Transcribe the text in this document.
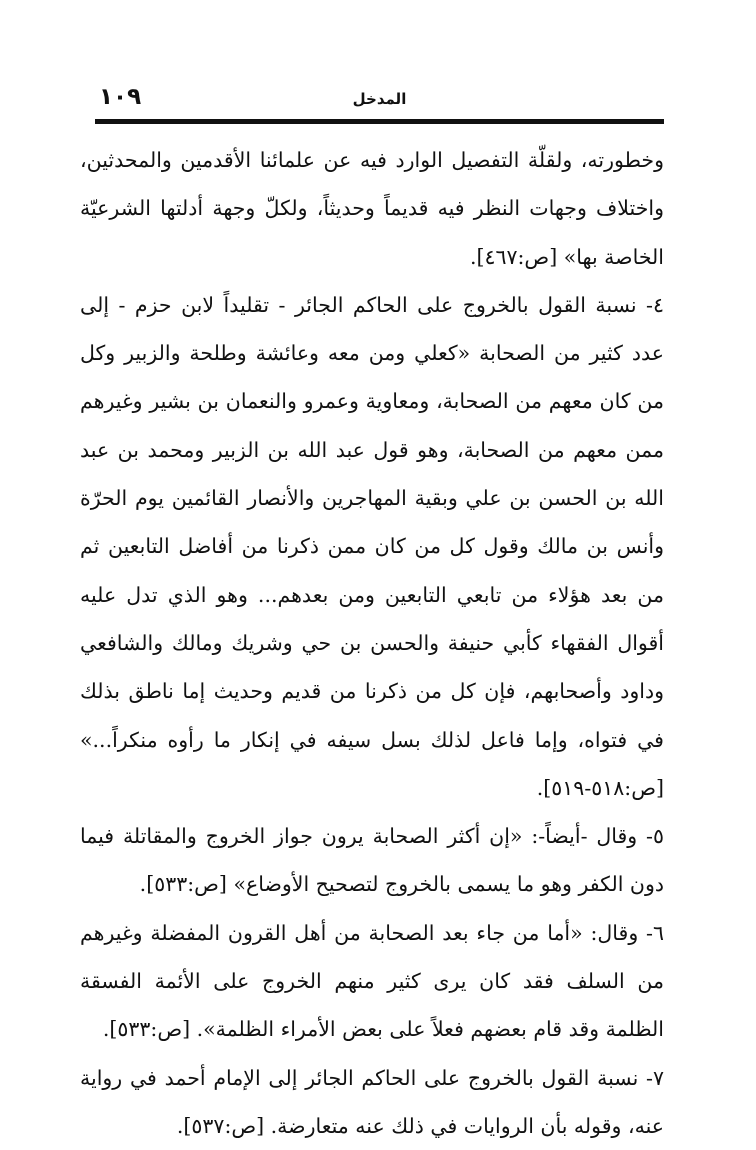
١٠٩	المدخل

وخطورته، ولقلّة التفصيل الوارد فيه عن علمائنا الأقدمين والمحدثين، واختلاف وجهات النظر فيه قديماً وحديثاً، ولكلّ وجهة أدلتها الشرعيّة الخاصة بها» [ص:٤٦٧].

٤- نسبة القول بالخروج على الحاكم الجائر - تقليداً لابن حزم - إلى عدد كثير من الصحابة «كعلي ومن معه وعائشة وطلحة والزبير وكل من كان معهم من الصحابة، ومعاوية وعمرو والنعمان بن بشير وغيرهم ممن معهم من الصحابة، وهو قول عبد الله بن الزبير ومحمد بن عبد الله بن الحسن بن علي وبقية المهاجرين والأنصار القائمين يوم الحرّة وأنس بن مالك وقول كل من كان ممن ذكرنا من أفاضل التابعين ثم من بعد هؤلاء من تابعي التابعين ومن بعدهم... وهو الذي تدل عليه أقوال الفقهاء كأبي حنيفة والحسن بن حي وشريك ومالك والشافعي وداود وأصحابهم، فإن كل من ذكرنا من قديم وحديث إما ناطق بذلك في فتواه، وإما فاعل لذلك بسل سيفه في إنكار ما رأوه منكراً...» [ص:٥١٨-٥١٩].

٥- وقال -أيضاً-: «إن أكثر الصحابة يرون جواز الخروج والمقاتلة فيما دون الكفر وهو ما يسمى بالخروج لتصحيح الأوضاع» [ص:٥٣٣].

٦- وقال: «أما من جاء بعد الصحابة من أهل القرون المفضلة وغيرهم من السلف فقد كان يرى كثير منهم الخروج على الأئمة الفسقة الظلمة وقد قام بعضهم فعلاً على بعض الأمراء الظلمة». [ص:٥٣٣].

٧- نسبة القول بالخروج على الحاكم الجائر إلى الإمام أحمد في رواية عنه، وقوله بأن الروايات في ذلك عنه متعارضة. [ص:٥٣٧].
